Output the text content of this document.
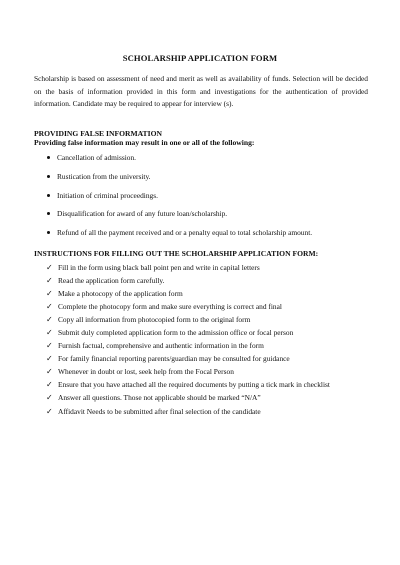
SCHOLARSHIP APPLICATION FORM
Scholarship is based on assessment of need and merit as well as availability of funds. Selection will be decided on the basis of information provided in this form and investigations for the authentication of provided information. Candidate may be required to appear for interview (s).
PROVIDING FALSE INFORMATION
Providing false information may result in one or all of the following:
Cancellation of admission.
Rustication from the university.
Initiation of criminal proceedings.
Disqualification for award of any future loan/scholarship.
Refund of all the payment received and or a penalty equal to total scholarship amount.
INSTRUCTIONS FOR FILLING OUT THE SCHOLARSHIP APPLICATION FORM:
✓ Fill in the form using black ball point pen and write in capital letters
✓ Read the application form carefully.
✓ Make a photocopy of the application form
✓ Complete the photocopy form and make sure everything is correct and final
✓ Copy all information from photocopied form to the original form
✓ Submit duly completed application form to the admission office or focal person
✓ Furnish factual, comprehensive and authentic information in the form
✓ For family financial reporting parents/guardian may be consulted for guidance
✓ Whenever in doubt or lost, seek help from the Focal Person
✓ Ensure that you have attached all the required documents by putting a tick mark in checklist
✓ Answer all questions. Those not applicable should be marked “N/A”
✓ Affidavit Needs to be submitted after final selection of the candidate
